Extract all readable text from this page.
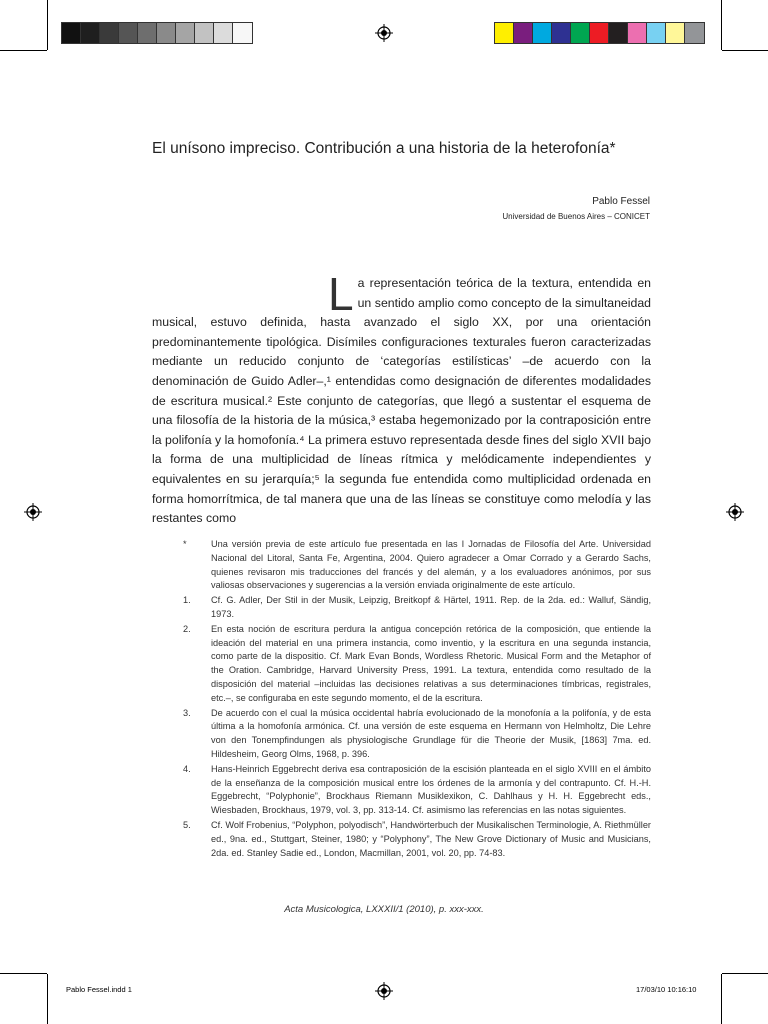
El unísono impreciso. Contribución a una historia de la heterofonía*
Pablo Fessel
Universidad de Buenos Aires – CONICET
La representación teórica de la textura, entendida en un sentido amplio como concepto de la simultaneidad musical, estuvo definida, hasta avanzado el siglo XX, por una orientación predominantemente tipológica. Disímiles configuraciones texturales fueron caracterizadas mediante un reducido conjunto de ‘categorías estilísticas’ –de acuerdo con la denominación de Guido Adler–,¹ entendidas como designación de diferentes modalidades de escritura musical.² Este conjunto de categorías, que llegó a sustentar el esquema de una filosofía de la historia de la música,³ estaba hegemonizado por la contraposición entre la polifonía y la homofonía.⁴ La primera estuvo representada desde fines del siglo XVII bajo la forma de una multiplicidad de líneas rítmica y melódicamente independientes y equivalentes en su jerarquía;⁵ la segunda fue entendida como multiplicidad ordenada en forma homorrítmica, de tal manera que una de las líneas se constituye como melodía y las restantes como
*	Una versión previa de este artículo fue presentada en las I Jornadas de Filosofía del Arte. Universidad Nacional del Litoral, Santa Fe, Argentina, 2004. Quiero agradecer a Omar Corrado y a Gerardo Sachs, quienes revisaron mis traducciones del francés y del alemán, y a los evaluadores anónimos, por sus valiosas observaciones y sugerencias a la versión enviada originalmente de este artículo.
1.	Cf. G. Adler, Der Stil in der Musik, Leipzig, Breitkopf & Härtel, 1911. Rep. de la 2da. ed.: Walluf, Sändig, 1973.
2.	En esta noción de escritura perdura la antigua concepción retórica de la composición, que entiende la ideación del material en una primera instancia, como inventio, y la escritura en una segunda instancia, como parte de la dispositio. Cf. Mark Evan Bonds, Wordless Rhetoric. Musical Form and the Metaphor of the Oration. Cambridge, Harvard University Press, 1991. La textura, entendida como resultado de la disposición del material –incluidas las decisiones relativas a sus determinaciones tímbricas, registrales, etc.–, se configuraba en este segundo momento, el de la escritura.
3.	De acuerdo con el cual la música occidental habría evolucionado de la monofonía a la polifonía, y de esta última a la homofonía armónica. Cf. una versión de este esquema en Hermann von Helmholtz, Die Lehre von den Tonempfindungen als physiologische Grundlage für die Theorie der Musik, [1863] 7ma. ed. Hildesheim, Georg Olms, 1968, p. 396.
4.	Hans-Heinrich Eggebrecht deriva esa contraposición de la escisión planteada en el siglo XVIII en el ámbito de la enseñanza de la composición musical entre los órdenes de la armonía y del contrapunto. Cf. H.-H. Eggebrecht, “Polyphonie”, Brockhaus Riemann Musiklexikon, C. Dahlhaus y H. H. Eggebrecht eds., Wiesbaden, Brockhaus, 1979, vol. 3, pp. 313-14. Cf. asimismo las referencias en las notas siguientes.
5.	Cf. Wolf Frobenius, “Polyphon, polyodisch”, Handwörterbuch der Musikalischen Terminologie, A. Riethmüller ed., 9na. ed., Stuttgart, Steiner, 1980; y “Polyphony”, The New Grove Dictionary of Music and Musicians, 2da. ed. Stanley Sadie ed., London, Macmillan, 2001, vol. 20, pp. 74-83.
Acta Musicologica, LXXXII/1 (2010), p. xxx-xxx.
Pablo Fessel.indd 1	17/03/10 10:16:10
